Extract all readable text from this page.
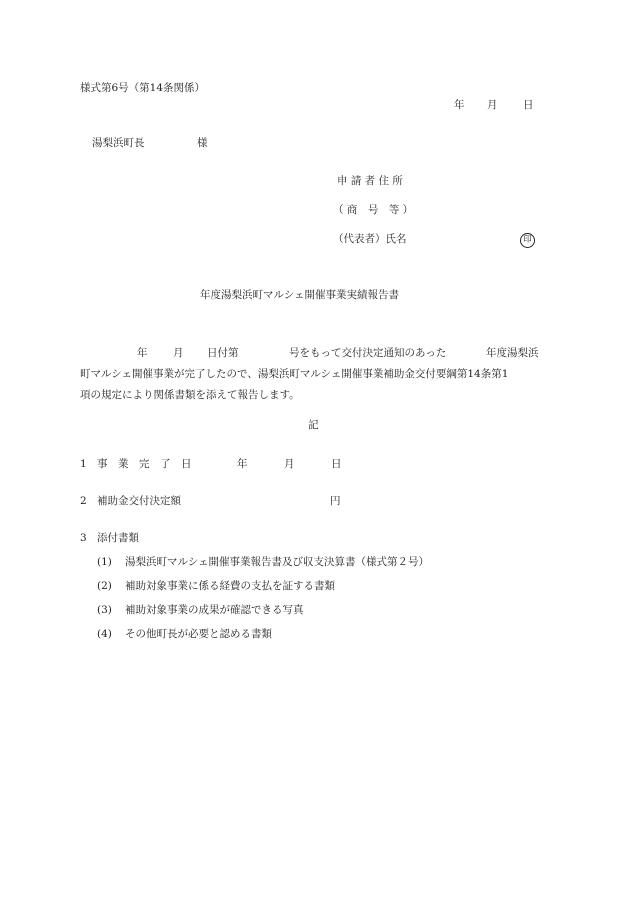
様式第6号（第14条関係）
年 月 日
湯梨浜町長	様
申 請 者 住 所
（ 商　号　等 ）
（代表者）氏名	印
年度湯梨浜町マルシェ開催事業実績報告書
年 月 日付第	号をもって交付決定通知のあった	年度湯梨浜
町マルシェ開催事業が完了したので、湯梨浜町マルシェ開催事業補助金交付要綱第14条第1
項の規定により関係書類を添えて報告します。
記
1 事　業　完　了　日	年	月	日
2 補助金交付決定額	円
3 添付書類
(1) 湯梨浜町マルシェ開催事業報告書及び収支決算書（様式第２号）
(2) 補助対象事業に係る経費の支払を証する書類
(3) 補助対象事業の成果が確認できる写真
(4) その他町長が必要と認める書類
